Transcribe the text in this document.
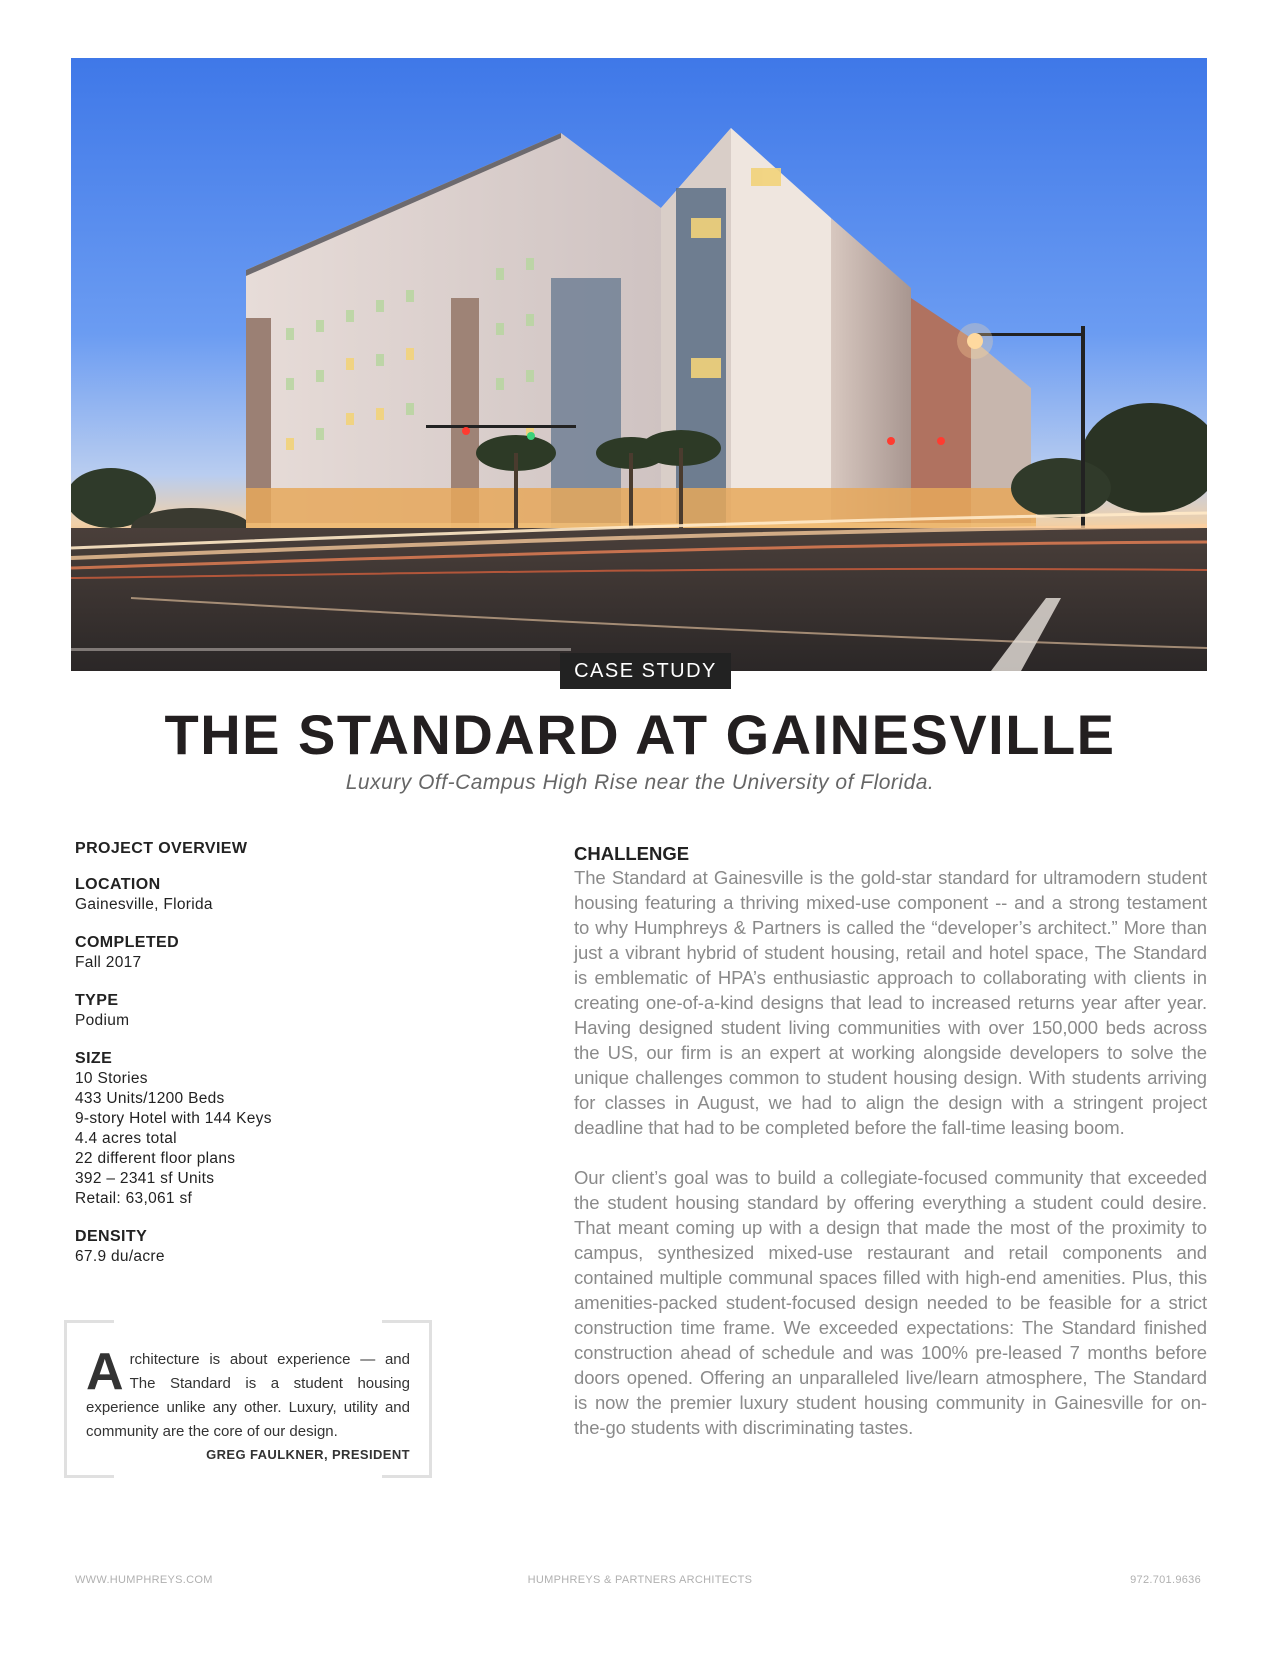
CASE STUDY
THE STANDARD AT GAINESVILLE
Luxury Off-Campus High Rise near the University of Florida.
PROJECT OVERVIEW
LOCATION
Gainesville, Florida
COMPLETED
Fall 2017
TYPE
Podium
SIZE
10 Stories
433 Units/1200 Beds
9-story Hotel with 144 Keys
4.4 acres total
22 different floor plans
392 – 2341 sf Units
Retail: 63,061 sf
DENSITY
67.9 du/acre
Architecture is about experience — and The Standard is a student housing experience unlike any other. Luxury, utility and community are the core of our design.
GREG FAULKNER, PRESIDENT
CHALLENGE

The Standard at Gainesville is the gold-star standard for ultramodern student housing featuring a thriving mixed-use component -- and a strong testament to why Humphreys & Partners is called the “developer’s architect.” More than just a vibrant hybrid of student housing, retail and hotel space, The Standard is emblematic of HPA’s enthusiastic approach to collaborating with clients in creating one-of-a-kind designs that lead to increased returns year after year. Having designed student living communities with over 150,000 beds across the US, our firm is an expert at working alongside developers to solve the unique challenges common to student housing design. With students arriving for classes in August, we had to align the design with a stringent project deadline that had to be completed before the fall-time leasing boom.

Our client’s goal was to build a collegiate-focused community that exceeded the student housing standard by offering everything a student could desire. That meant coming up with a design that made the most of the proximity to campus, synthesized mixed-use restaurant and retail components and contained multiple communal spaces filled with high-end amenities. Plus, this amenities-packed student-focused design needed to be feasible for a strict construction time frame. We exceeded expectations: The Standard finished construction ahead of schedule and was 100% pre-leased 7 months before doors opened. Offering an unparalleled live/learn atmosphere, The Standard is now the premier luxury student housing community in Gainesville for on-the-go students with discriminating tastes.

WWW.HUMPHREYS.COM	HUMPHREYS & PARTNERS ARCHITECTS	972.701.9636
